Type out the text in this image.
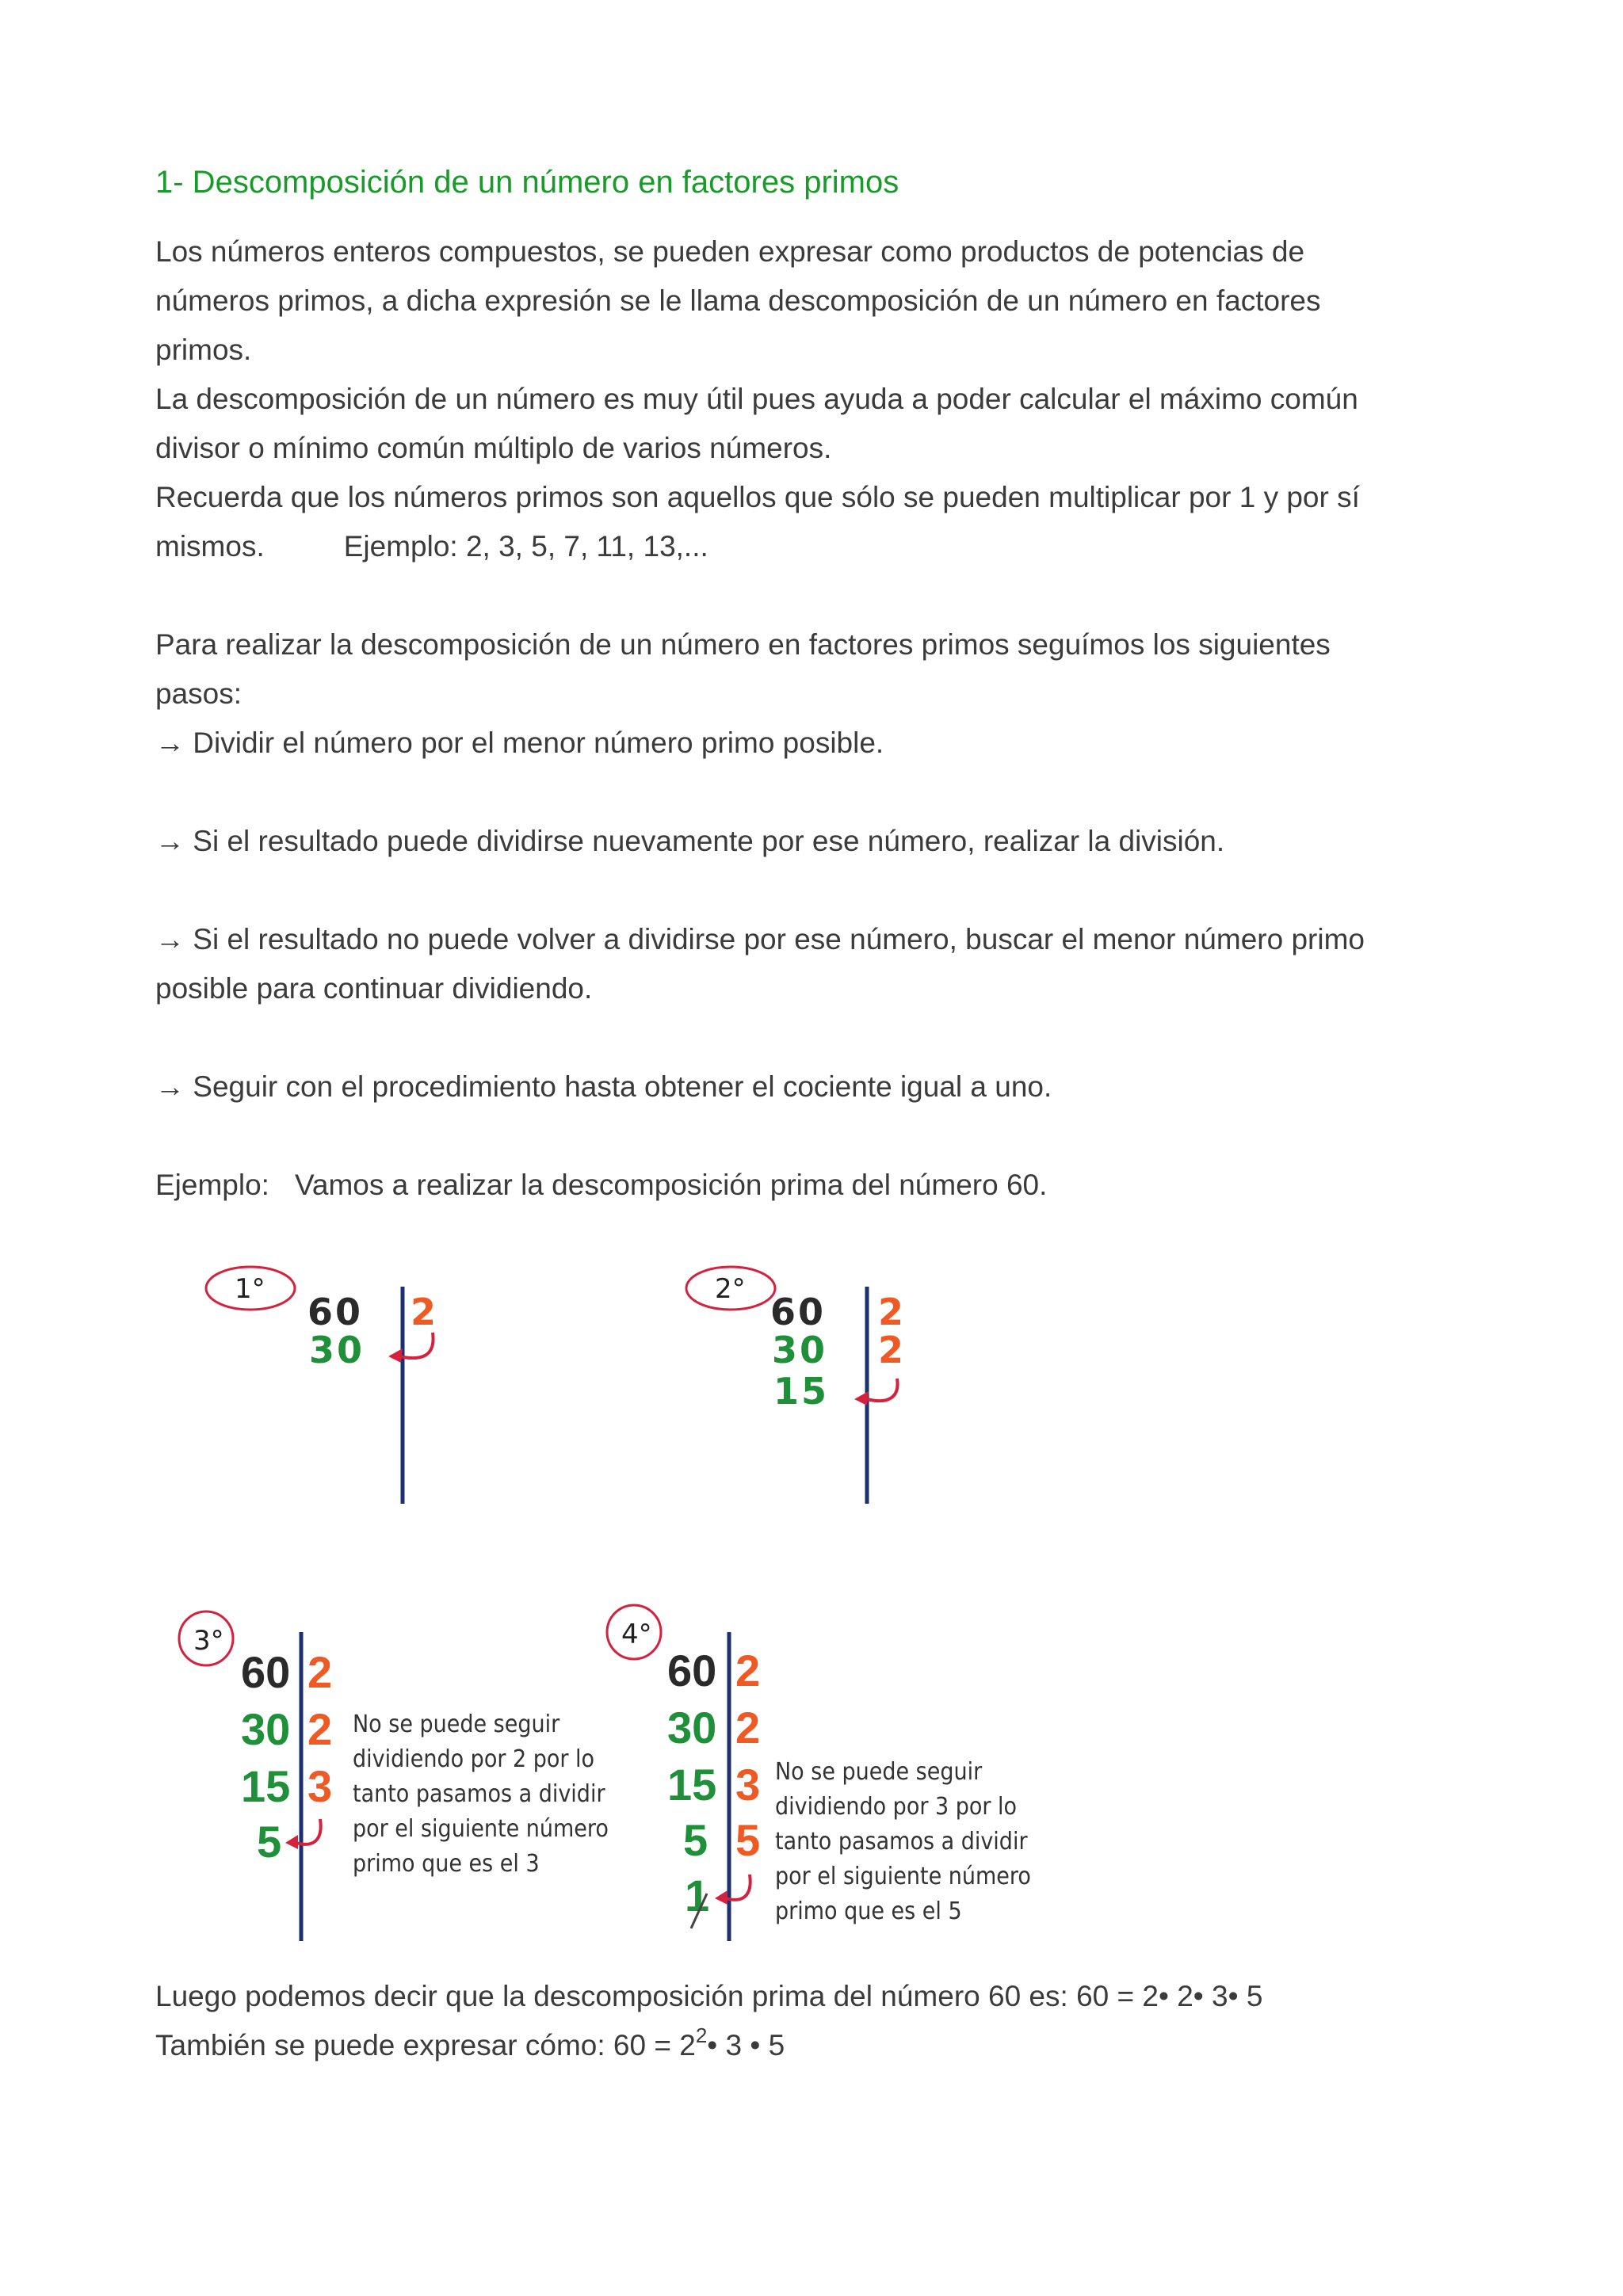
1- Descomposición de un número en factores primos
Los números enteros compuestos, se pueden expresar como productos de potencias de
números primos, a dicha expresión se le llama descomposición de un número en factores
primos.
La descomposición de un número es muy útil pues ayuda a poder calcular el máximo común
divisor o mínimo común múltiplo de varios números.
Recuerda que los números primos son aquellos que sólo se pueden multiplicar por 1 y por sí
mismos.	Ejemplo: 2, 3, 5, 7, 11, 13,...
Para realizar la descomposición de un número en factores primos seguímos los siguientes
pasos:
→ Dividir el número por el menor número primo posible.
→ Si el resultado puede dividirse nuevamente por ese número, realizar la división.
→ Si el resultado no puede volver a dividirse por ese número, buscar el menor número primo
posible para continuar dividiendo.
→ Seguir con el procedimiento hasta obtener el cociente igual a uno.
Ejemplo: Vamos a realizar la descomposición prima del número 60.
1°
60 2
30
2°
60 2
30 2
15
3°
60 2
30 2
15 3
5
No se puede seguir
dividiendo por 2 por lo
tanto pasamos a dividir
por el siguiente número
primo que es el 3
4°
60 2
30 2
15 3
5 5
1
No se puede seguir
dividiendo por 3 por lo
tanto pasamos a dividir
por el siguiente número
primo que es el 5
Luego podemos decir que la descomposición prima del número 60 es: 60 = 2• 2• 3• 5
También se puede expresar cómo: $60 = 2^2•$ 3 • 5
